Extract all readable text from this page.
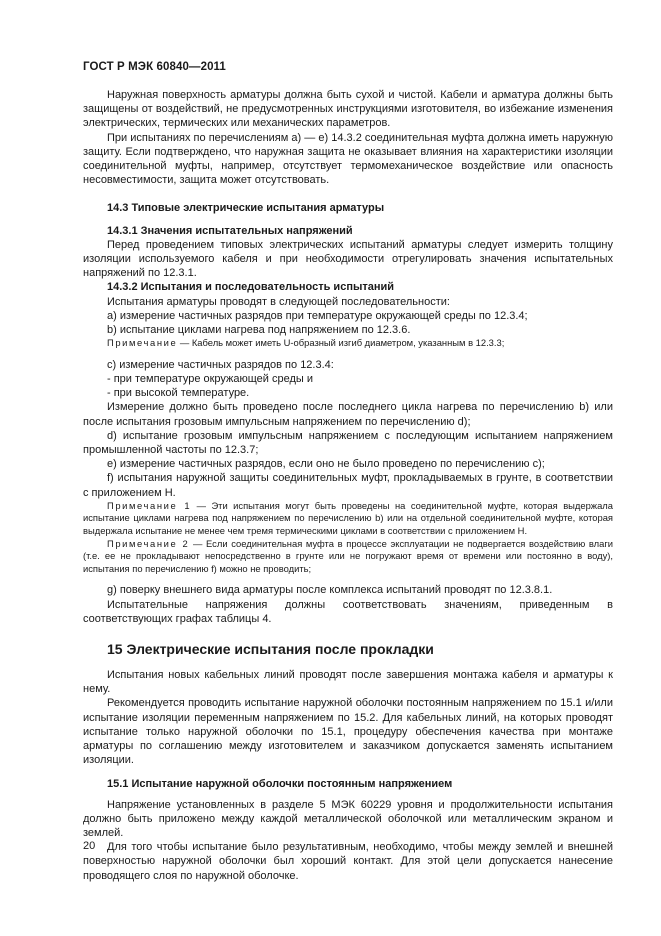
ГОСТ Р МЭК 60840—2011

Наружная поверхность арматуры должна быть сухой и чистой. Кабели и арматура должны быть защищены от воздействий, не предусмотренных инструкциями изготовителя, во избежание изменения электрических, термических или механических параметров.

При испытаниях по перечислениям а) — е) 14.3.2 соединительная муфта должна иметь наружную защиту. Если подтверждено, что наружная защита не оказывает влияния на характеристики изоляции соединительной муфты, например, отсутствует термомеханическое воздействие или опасность несовместимости, защита может отсутствовать.

14.3 Типовые электрические испытания арматуры

14.3.1 Значения испытательных напряжений

Перед проведением типовых электрических испытаний арматуры следует измерить толщину изоляции используемого кабеля и при необходимости отрегулировать значения испытательных напряжений по 12.3.1.

14.3.2 Испытания и последовательность испытаний

Испытания арматуры проводят в следующей последовательности:

а) измерение частичных разрядов при температуре окружающей среды по 12.3.4;

b) испытание циклами нагрева под напряжением по 12.3.6.

Примечание — Кабель может иметь U-образный изгиб диаметром, указанным в 12.3.3;

с) измерение частичных разрядов по 12.3.4:

- при температуре окружающей среды и

- при высокой температуре.

Измерение должно быть проведено после последнего цикла нагрева по перечислению b) или после испытания грозовым импульсным напряжением по перечислению d);

d) испытание грозовым импульсным напряжением с последующим испытанием напряжением промышленной частоты по 12.3.7;

е) измерение частичных разрядов, если оно не было проведено по перечислению с);

f) испытания наружной защиты соединительных муфт, прокладываемых в грунте, в соответствии с приложением Н.

Примечание 1 — Эти испытания могут быть проведены на соединительной муфте, которая выдержала испытание циклами нагрева под напряжением по перечислению b) или на отдельной соединительной муфте, которая выдержала испытание не менее чем тремя термическими циклами в соответствии с приложением Н.

Примечание 2 — Если соединительная муфта в процессе эксплуатации не подвергается воздействию влаги (т.е. ее не прокладывают непосредственно в грунте или не погружают время от времени или постоянно в воду), испытания по перечислению f) можно не проводить;

g) поверку внешнего вида арматуры после комплекса испытаний проводят по 12.3.8.1.

Испытательные напряжения должны соответствовать значениям, приведенным в соответствующих графах таблицы 4.

15 Электрические испытания после прокладки

Испытания новых кабельных линий проводят после завершения монтажа кабеля и арматуры к нему.

Рекомендуется проводить испытание наружной оболочки постоянным напряжением по 15.1 и/или испытание изоляции переменным напряжением по 15.2. Для кабельных линий, на которых проводят испытание только наружной оболочки по 15.1, процедуру обеспечения качества при монтаже арматуры по соглашению между изготовителем и заказчиком допускается заменять испытанием изоляции.

15.1 Испытание наружной оболочки постоянным напряжением

Напряжение установленных в разделе 5 МЭК 60229 уровня и продолжительности испытания должно быть приложено между каждой металлической оболочкой или металлическим экраном и землей.

Для того чтобы испытание было результативным, необходимо, чтобы между землей и внешней поверхностью наружной оболочки был хороший контакт. Для этой цели допускается нанесение проводящего слоя по наружной оболочке.

20
